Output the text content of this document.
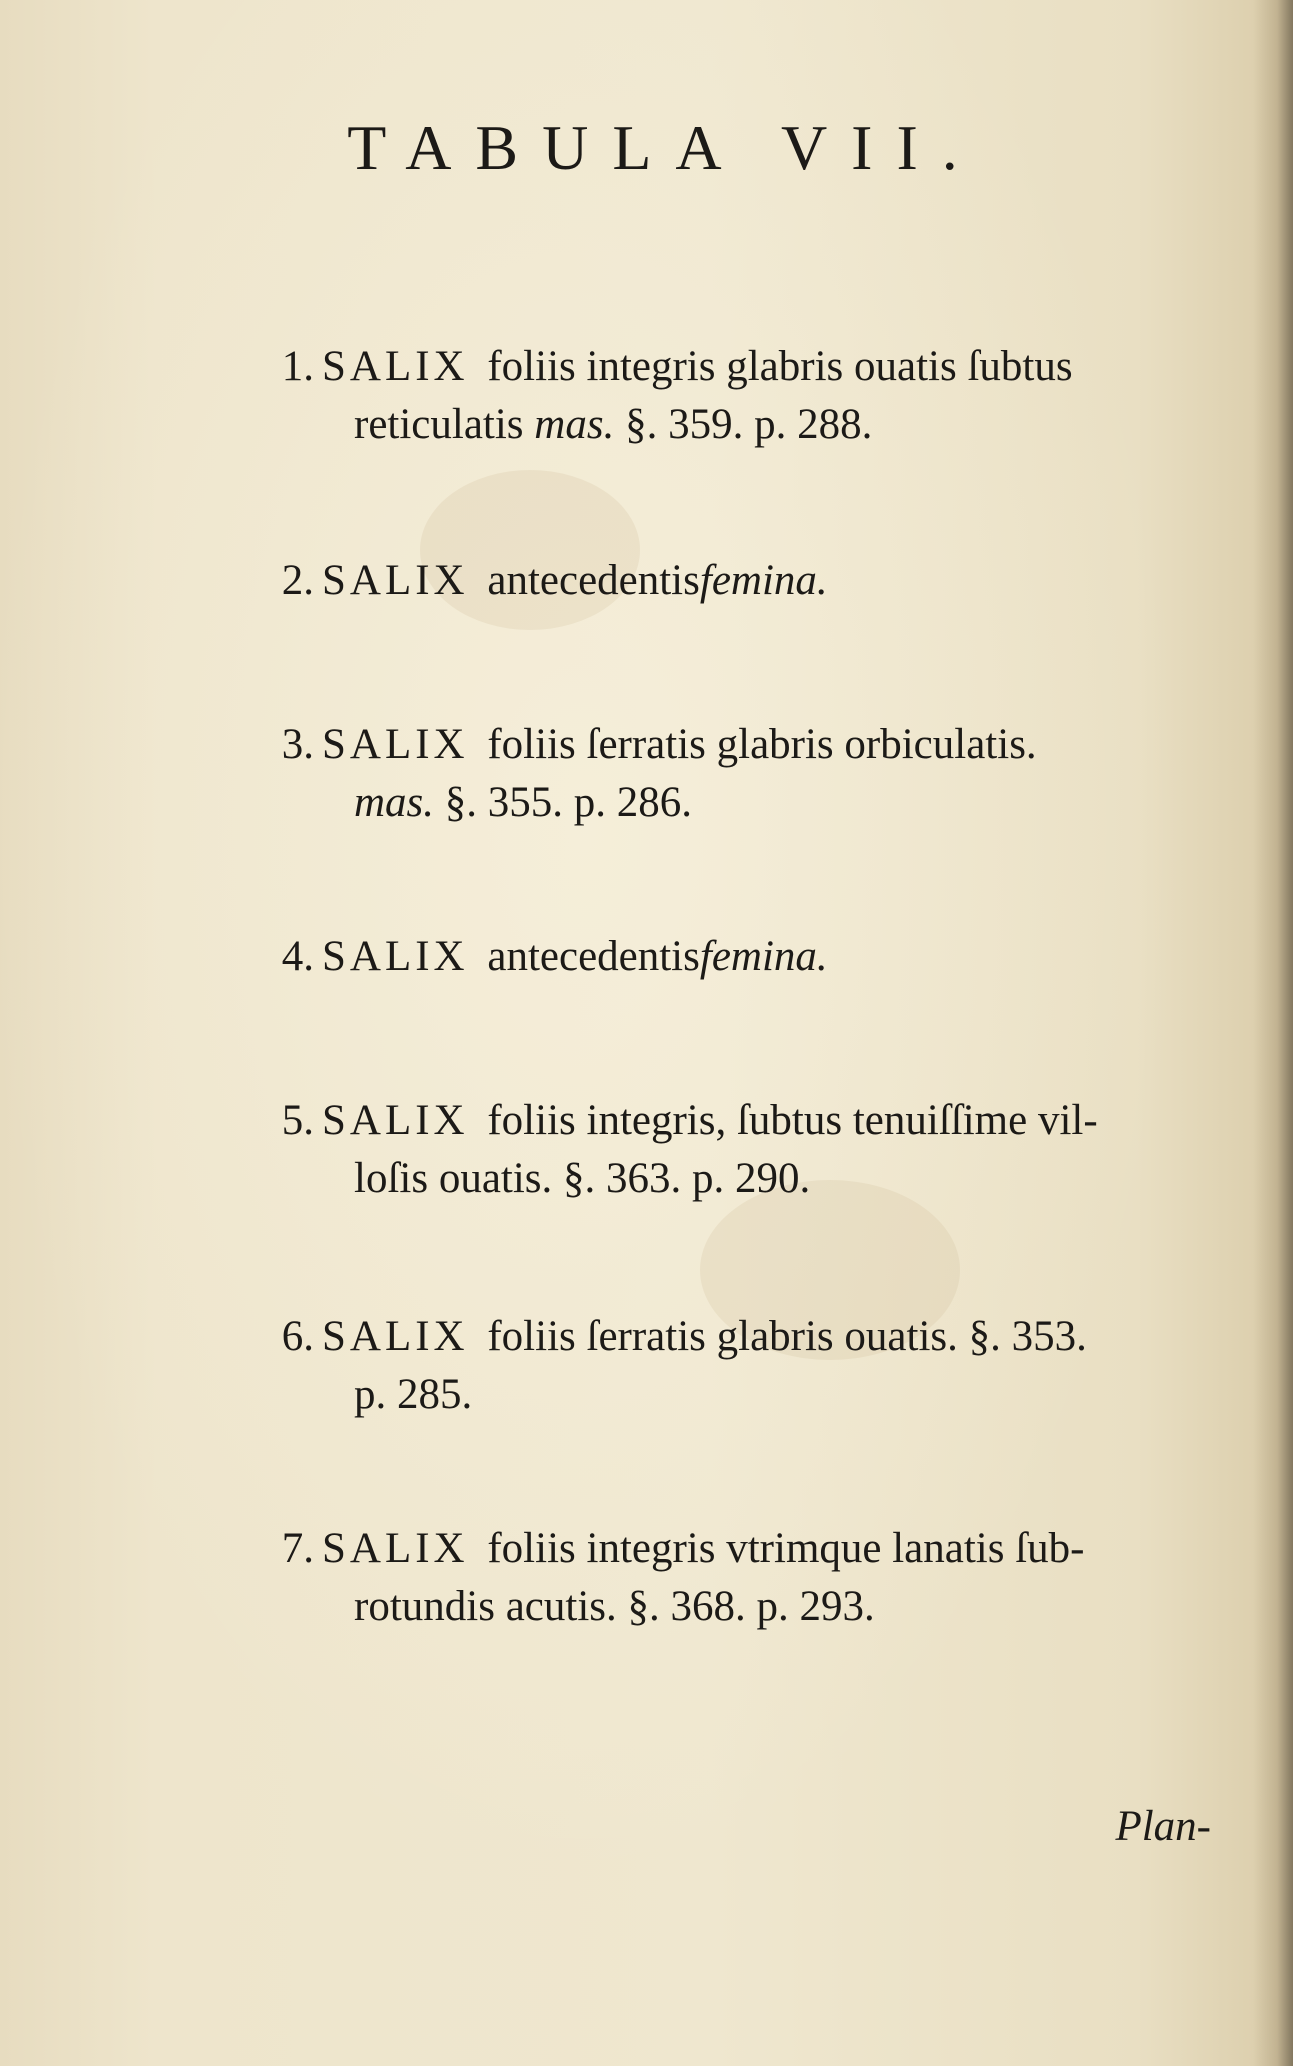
TABULA VII.
1. SALIX foliis integris glabris ouatis ſubtus
reticulatis mas. §. 359. p. 288.
2. SALIX antecedentisfemina.
3. SALIX foliis ſerratis glabris orbiculatis.
mas. §. 355. p. 286.
4. SALIX antecedentisfemina.
5. SALIX foliis integris, ſubtus tenuiſſime vil-
loſis ouatis. §. 363. p. 290.
6. SALIX foliis ſerratis glabris ouatis. §. 353.
p. 285.
7. SALIX foliis integris vtrimque lanatis ſub-
rotundis acutis. §. 368. p. 293.
Plan-
